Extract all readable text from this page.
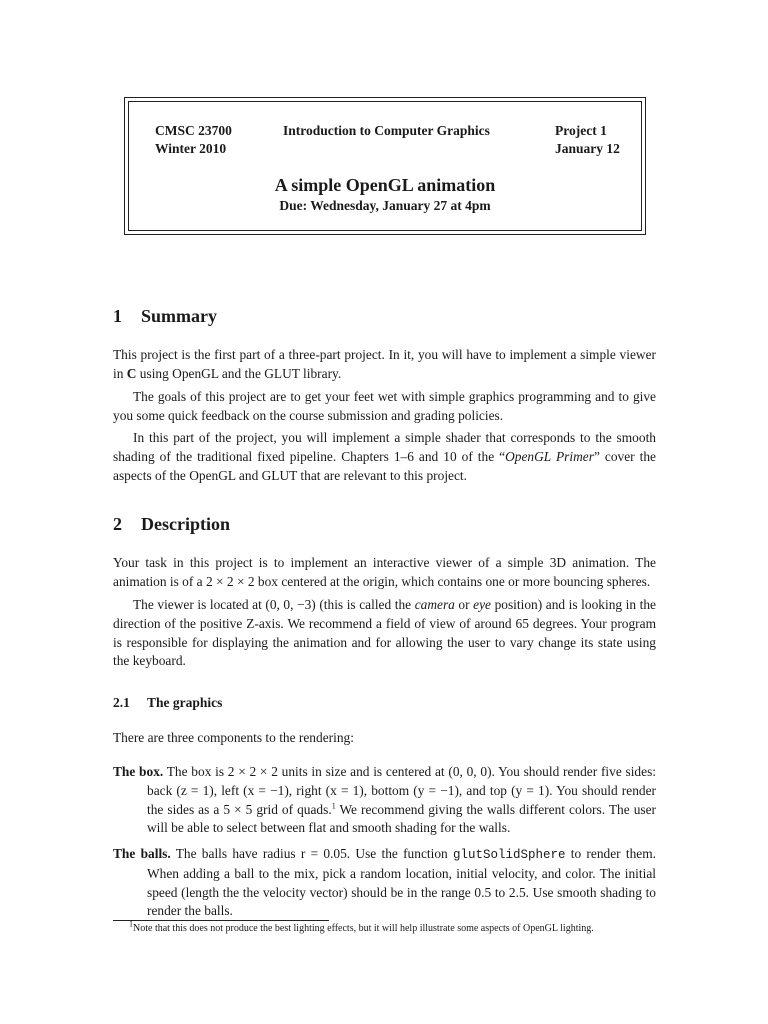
CMSC 23700
Winter 2010
Introduction to Computer Graphics	Project 1
January 12
A simple OpenGL animation
Due: Wednesday, January 27 at 4pm
1 Summary
This project is the first part of a three-part project. In it, you will have to implement a simple viewer in C using OpenGL and the GLUT library.
The goals of this project are to get your feet wet with simple graphics programming and to give you some quick feedback on the course submission and grading policies.
In this part of the project, you will implement a simple shader that corresponds to the smooth shading of the traditional fixed pipeline. Chapters 1–6 and 10 of the “OpenGL Primer” cover the aspects of the OpenGL and GLUT that are relevant to this project.
2 Description
Your task in this project is to implement an interactive viewer of a simple 3D animation. The animation is of a 2 × 2 × 2 box centered at the origin, which contains one or more bouncing spheres.
The viewer is located at (0, 0, −3) (this is called the camera or eye position) and is looking in the direction of the positive Z-axis. We recommend a field of view of around 65 degrees. Your program is responsible for displaying the animation and for allowing the user to vary change its state using the keyboard.
2.1 The graphics
There are three components to the rendering:
The box. The box is 2 × 2 × 2 units in size and is centered at (0, 0, 0). You should render five sides: back (z = 1), left (x = −1), right (x = 1), bottom (y = −1), and top (y = 1). You should render the sides as a 5 × 5 grid of quads.$^1$ We recommend giving the walls different colors. The user will be able to select between flat and smooth shading for the walls.
The balls. The balls have radius r = 0.05. Use the function glutSolidSphere to render them. When adding a ball to the mix, pick a random location, initial velocity, and color. The initial speed (length the the velocity vector) should be in the range 0.5 to 2.5. Use smooth shading to render the balls.
$^1$Note that this does not produce the best lighting effects, but it will help illustrate some aspects of OpenGL lighting.
